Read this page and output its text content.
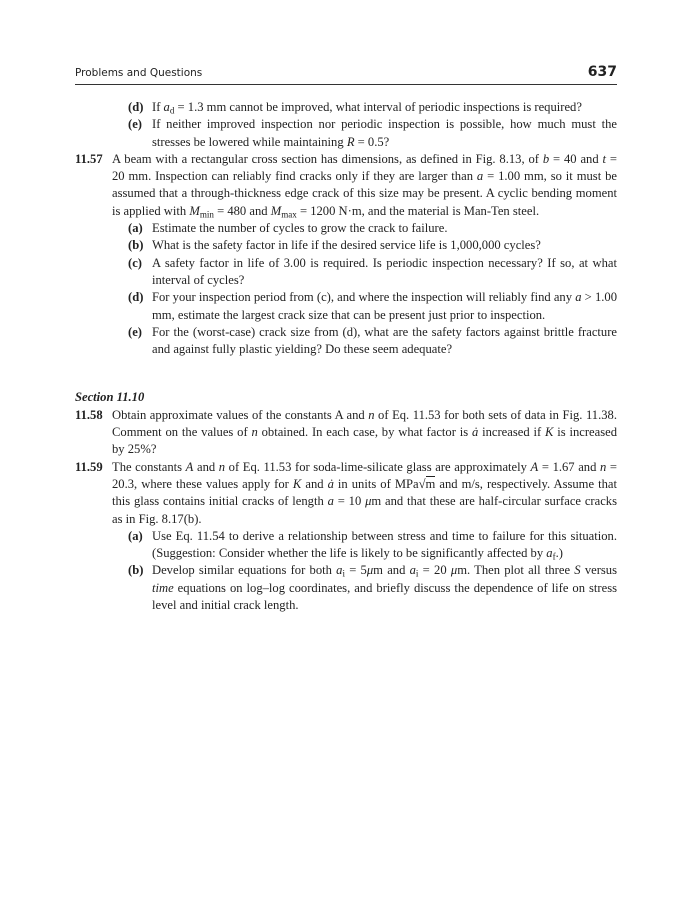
Problems and Questions	637
(d) If $a_d = 1.3$ mm cannot be improved, what interval of periodic inspections is required?
(e) If neither improved inspection nor periodic inspection is possible, how much must the stresses be lowered while maintaining R = 0.5?
11.57 A beam with a rectangular cross section has dimensions, as defined in Fig. 8.13, of b = 40 and t = 20 mm. Inspection can reliably find cracks only if they are larger than a = 1.00 mm, so it must be assumed that a through-thickness edge crack of this size may be present. A cyclic bending moment is applied with $M_{min} = 480$ and $M_{max} = 1200$ N·m, and the material is Man-Ten steel.
(a) Estimate the number of cycles to grow the crack to failure.
(b) What is the safety factor in life if the desired service life is 1,000,000 cycles?
(c) A safety factor in life of 3.00 is required. Is periodic inspection necessary? If so, at what interval of cycles?
(d) For your inspection period from (c), and where the inspection will reliably find any a > 1.00 mm, estimate the largest crack size that can be present just prior to inspection.
(e) For the (worst-case) crack size from (d), what are the safety factors against brittle fracture and against fully plastic yielding? Do these seem adequate?
Section 11.10
11.58 Obtain approximate values of the constants A and n of Eq. 11.53 for both sets of data in Fig. 11.38. Comment on the values of n obtained. In each case, by what factor is ȧ increased if K is increased by 25%?
11.59 The constants A and n of Eq. 11.53 for soda-lime-silicate glass are approximately A = 1.67 and n = 20.3, where these values apply for K and ȧ in units of MPa√m and m/s, respectively. Assume that this glass contains initial cracks of length a = 10 μm and that these are half-circular surface cracks as in Fig. 8.17(b).
(a) Use Eq. 11.54 to derive a relationship between stress and time to failure for this situation. (Suggestion: Consider whether the life is likely to be significantly affected by $a_f$.)
(b) Develop similar equations for both $a_i = 5\mu m$ and $a_i = 20$ μm. Then plot all three S versus time equations on log–log coordinates, and briefly discuss the dependence of life on stress level and initial crack length.
